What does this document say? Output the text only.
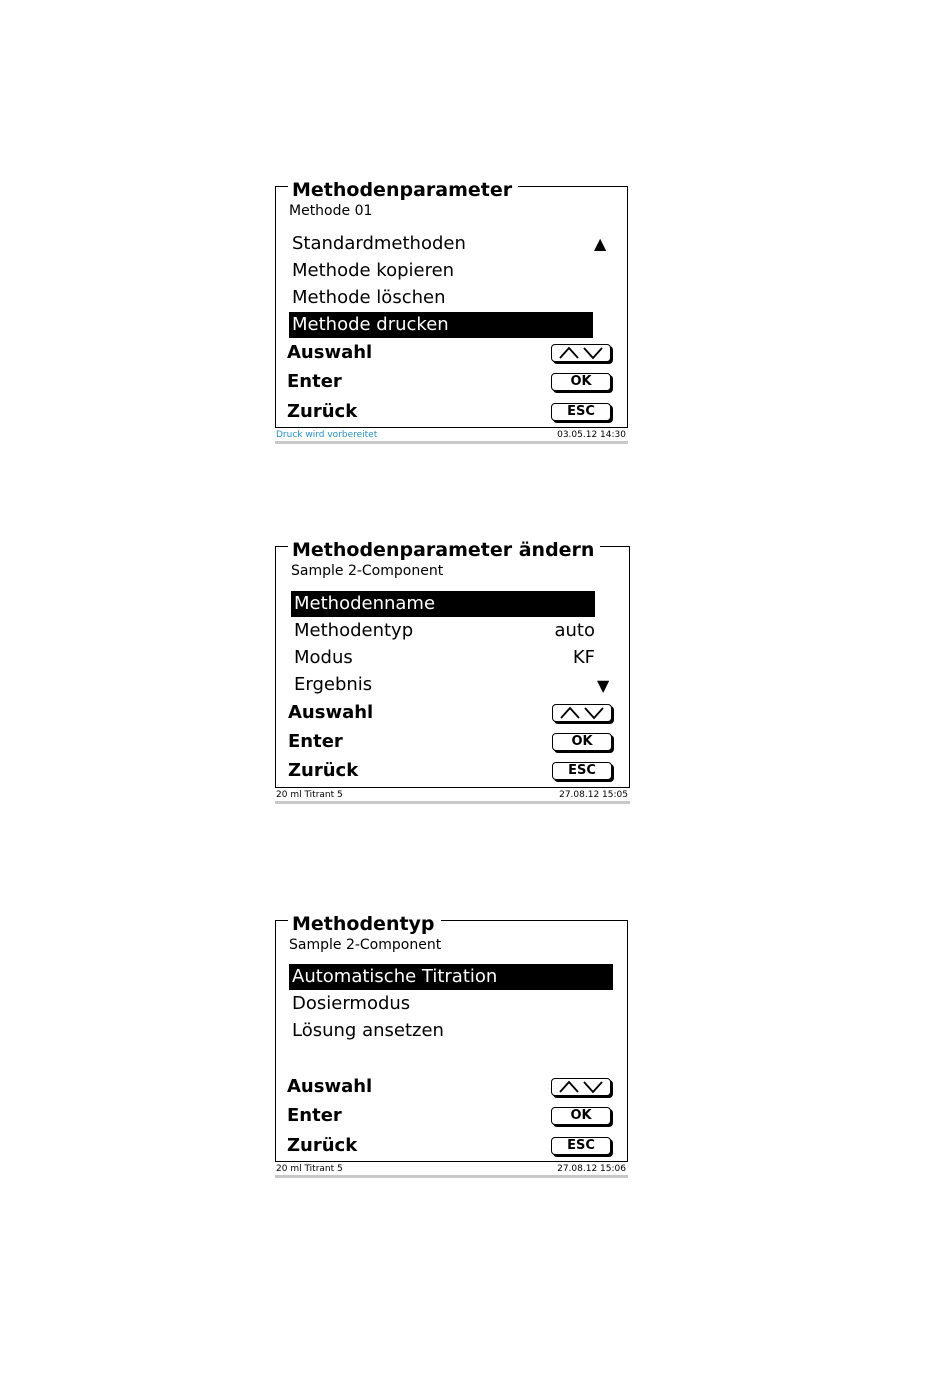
Methodenparameter
Methode 01
Standardmethoden	▲
Methode kopieren
Methode löschen
Methode drucken
Auswahl
Enter	OK
Zurück	ESC
Druck wird vorbereitet	03.05.12 14:30
Methodenparameter ändern
Sample 2-Component
Methodenname
Methodentyp	auto
Modus	KF
Ergebnis	▼
Auswahl
Enter	OK
Zurück	ESC
20 ml Titrant 5	27.08.12 15:05
Methodentyp
Sample 2-Component
Automatische Titration
Dosiermodus
Lösung ansetzen
Auswahl
Enter	OK
Zurück	ESC
20 ml Titrant 5	27.08.12 15:06
